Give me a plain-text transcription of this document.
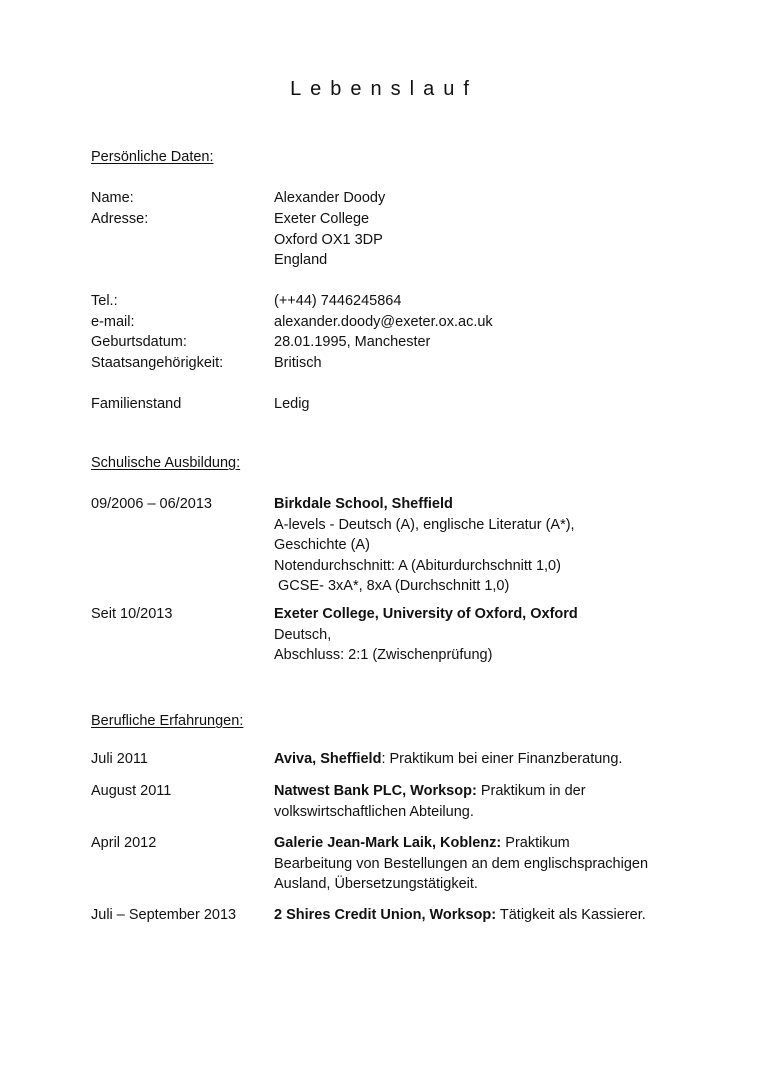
Lebenslauf
Persönliche Daten:
Name:	Alexander Doody
Adresse:	Exeter College
Oxford OX1 3DP
England
Tel.:	(++44) 7446245864
e-mail:	alexander.doody@exeter.ox.ac.uk
Geburtsdatum:	28.01.1995, Manchester
Staatsangehörigkeit:	Britisch
Familienstand	Ledig
Schulische Ausbildung:
09/2006 – 06/2013	Birkdale School, Sheffield
A-levels - Deutsch (A), englische Literatur (A*),
Geschichte (A)
Notendurchschnitt: A (Abiturdurchschnitt 1,0)
GCSE- 3xA*, 8xA (Durchschnitt 1,0)
Seit 10/2013	Exeter College, University of Oxford, Oxford
Deutsch,
Abschluss: 2:1 (Zwischenprüfung)
Berufliche Erfahrungen:
Juli 2011	Aviva, Sheffield: Praktikum bei einer Finanzberatung.
August 2011	Natwest Bank PLC, Worksop: Praktikum in der
volkswirtschaftlichen Abteilung.
April 2012	Galerie Jean-Mark Laik, Koblenz: Praktikum
Bearbeitung von Bestellungen an dem englischsprachigen
Ausland, Übersetzungstätigkeit.
Juli – September 2013	2 Shires Credit Union, Worksop: Tätigkeit als Kassierer.
